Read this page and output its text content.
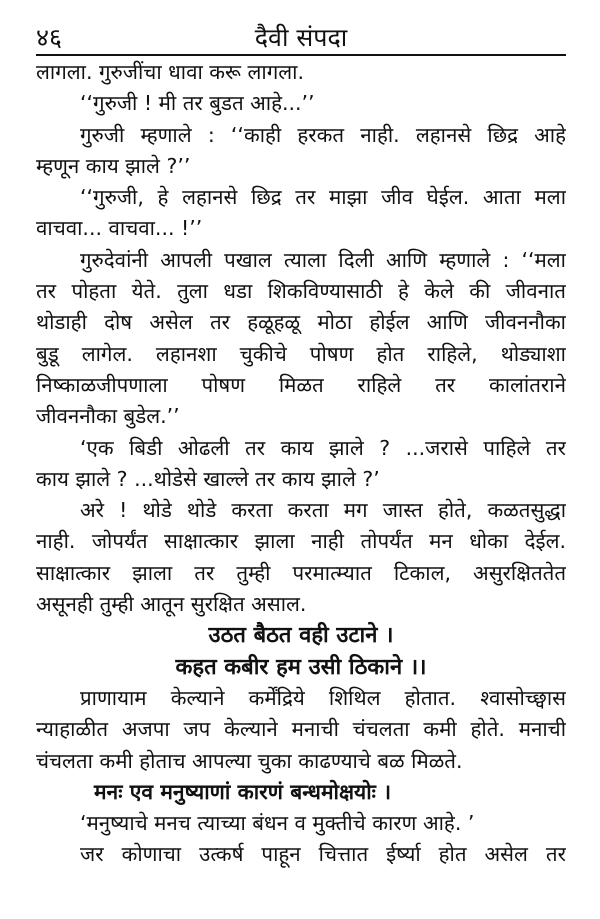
४६	दैवी संपदा
लागला. गुरुजींचा धावा करू लागला.
‘‘गुरुजी ! मी तर बुडत आहे...’’
गुरुजी म्हणाले : ‘‘काही हरकत नाही. लहानसे छिद्र आहे
म्हणून काय झाले ?’’
‘‘गुरुजी, हे लहानसे छिद्र तर माझा जीव घेईल. आता मला
वाचवा... वाचवा... !’’
गुरुदेवांनी आपली पखाल त्याला दिली आणि म्हणाले : ‘‘मला
तर पोहता येते. तुला धडा शिकविण्यासाठी हे केले की जीवनात
थोडाही दोष असेल तर हळूहळू मोठा होईल आणि जीवननौका
बुडू लागेल. लहानशा चुकीचे पोषण होत राहिले, थोड्याशा
निष्काळजीपणाला पोषण मिळत राहिले तर कालांतराने
जीवननौका बुडेल.’’
‘एक बिडी ओढली तर काय झाले ? ...जरासे पाहिले तर
काय झाले ? ...थोडेसे खाल्ले तर काय झाले ?’
अरे ! थोडे थोडे करता करता मग जास्त होते, कळतसुद्धा
नाही. जोपर्यंत साक्षात्कार झाला नाही तोपर्यंत मन धोका देईल.
साक्षात्कार झाला तर तुम्ही परमात्म्यात टिकाल, असुरक्षिततेत
असूनही तुम्ही आतून सुरक्षित असाल.
उठत बैठत वही उटाने ।
कहत कबीर हम उसी ठिकाने ।।
प्राणायाम केल्याने कर्मेंद्रिये शिथिल होतात. श्वासोच्छ्वास
न्याहाळीत अजपा जप केल्याने मनाची चंचलता कमी होते. मनाची
चंचलता कमी होताच आपल्या चुका काढण्याचे बळ मिळते.
मनः एव मनुष्याणां कारणं बन्धमोक्षयोः ।
‘मनुष्याचे मनच त्याच्या बंधन व मुक्तीचे कारण आहे. ’
जर कोणाचा उत्कर्ष पाहून चित्तात ईर्ष्या होत असेल तर
